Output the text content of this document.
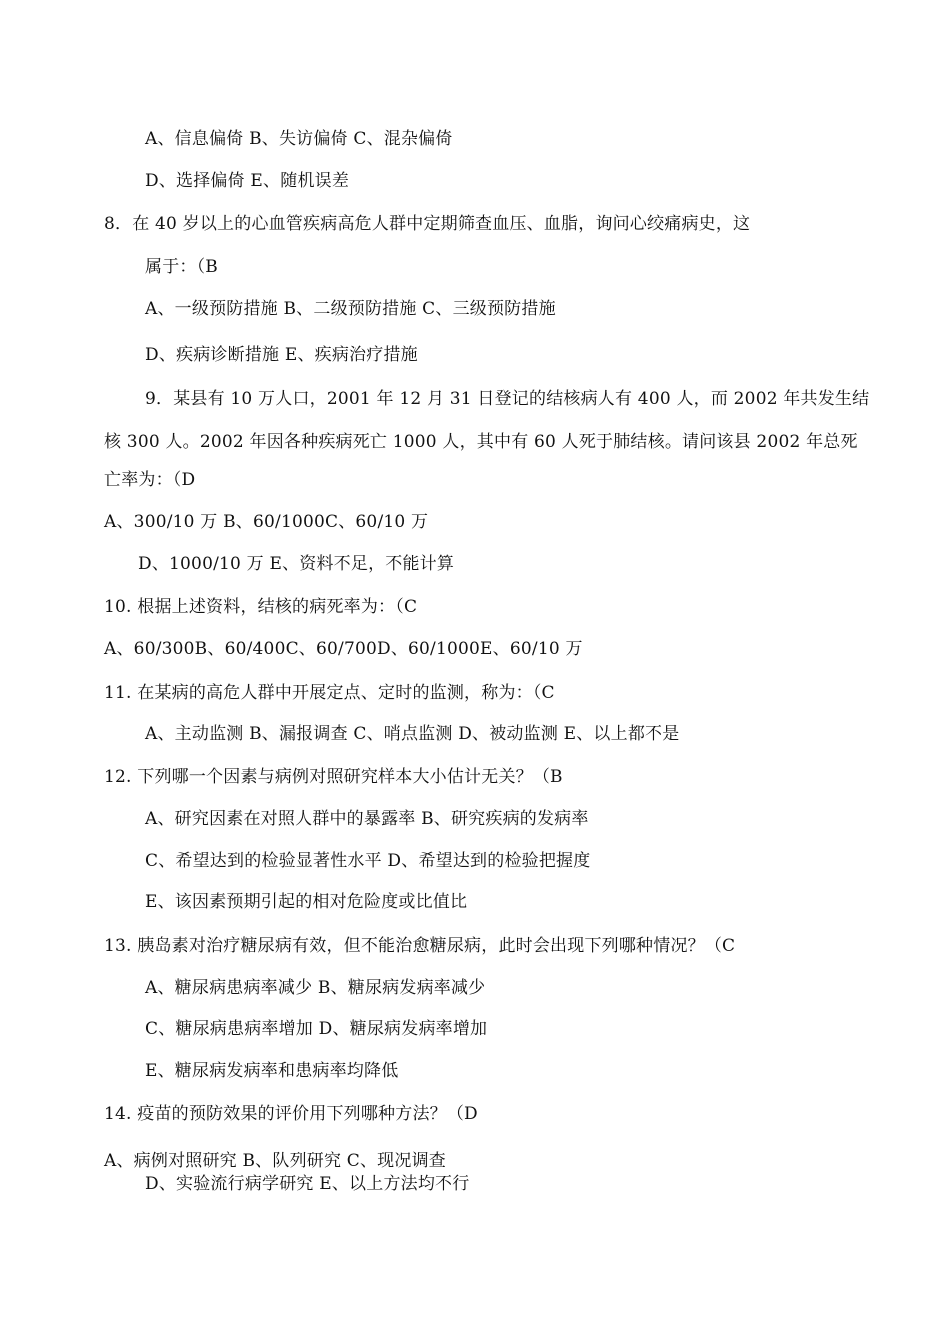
A、信息偏倚 B、失访偏倚 C、混杂偏倚
D、选择偏倚 E、随机误差
8．在 40 岁以上的心血管疾病高危人群中定期筛查血压、血脂，询问心绞痛病史，这
属于：（B
A、一级预防措施 B、二级预防措施 C、三级预防措施
D、疾病诊断措施 E、疾病治疗措施
9．某县有 10 万人口，2001 年 12 月 31 日登记的结核病人有 400 人，而 2002 年共发生结
核 300 人。2002 年因各种疾病死亡 1000 人，其中有 60 人死于肺结核。请问该县 2002 年总死
亡率为：（D
A、300/10 万 B、60/1000C、60/10 万
D、1000/10 万 E、资料不足，不能计算
10. 根据上述资料，结核的病死率为：（C
A、60/300B、60/400C、60/700D、60/1000E、60/10 万
11. 在某病的高危人群中开展定点、定时的监测，称为：（C
A、主动监测 B、漏报调查 C、哨点监测 D、被动监测 E、以上都不是
12. 下列哪一个因素与病例对照研究样本大小估计无关？（B
A、研究因素在对照人群中的暴露率 B、研究疾病的发病率
C、希望达到的检验显著性水平 D、希望达到的检验把握度
E、该因素预期引起的相对危险度或比值比
13. 胰岛素对治疗糖尿病有效，但不能治愈糖尿病，此时会出现下列哪种情况？（C
A、糖尿病患病率减少 B、糖尿病发病率减少
C、糖尿病患病率增加 D、糖尿病发病率增加
E、糖尿病发病率和患病率均降低
14. 疫苗的预防效果的评价用下列哪种方法？（D
A、病例对照研究 B、队列研究 C、现况调查
D、实验流行病学研究 E、以上方法均不行
